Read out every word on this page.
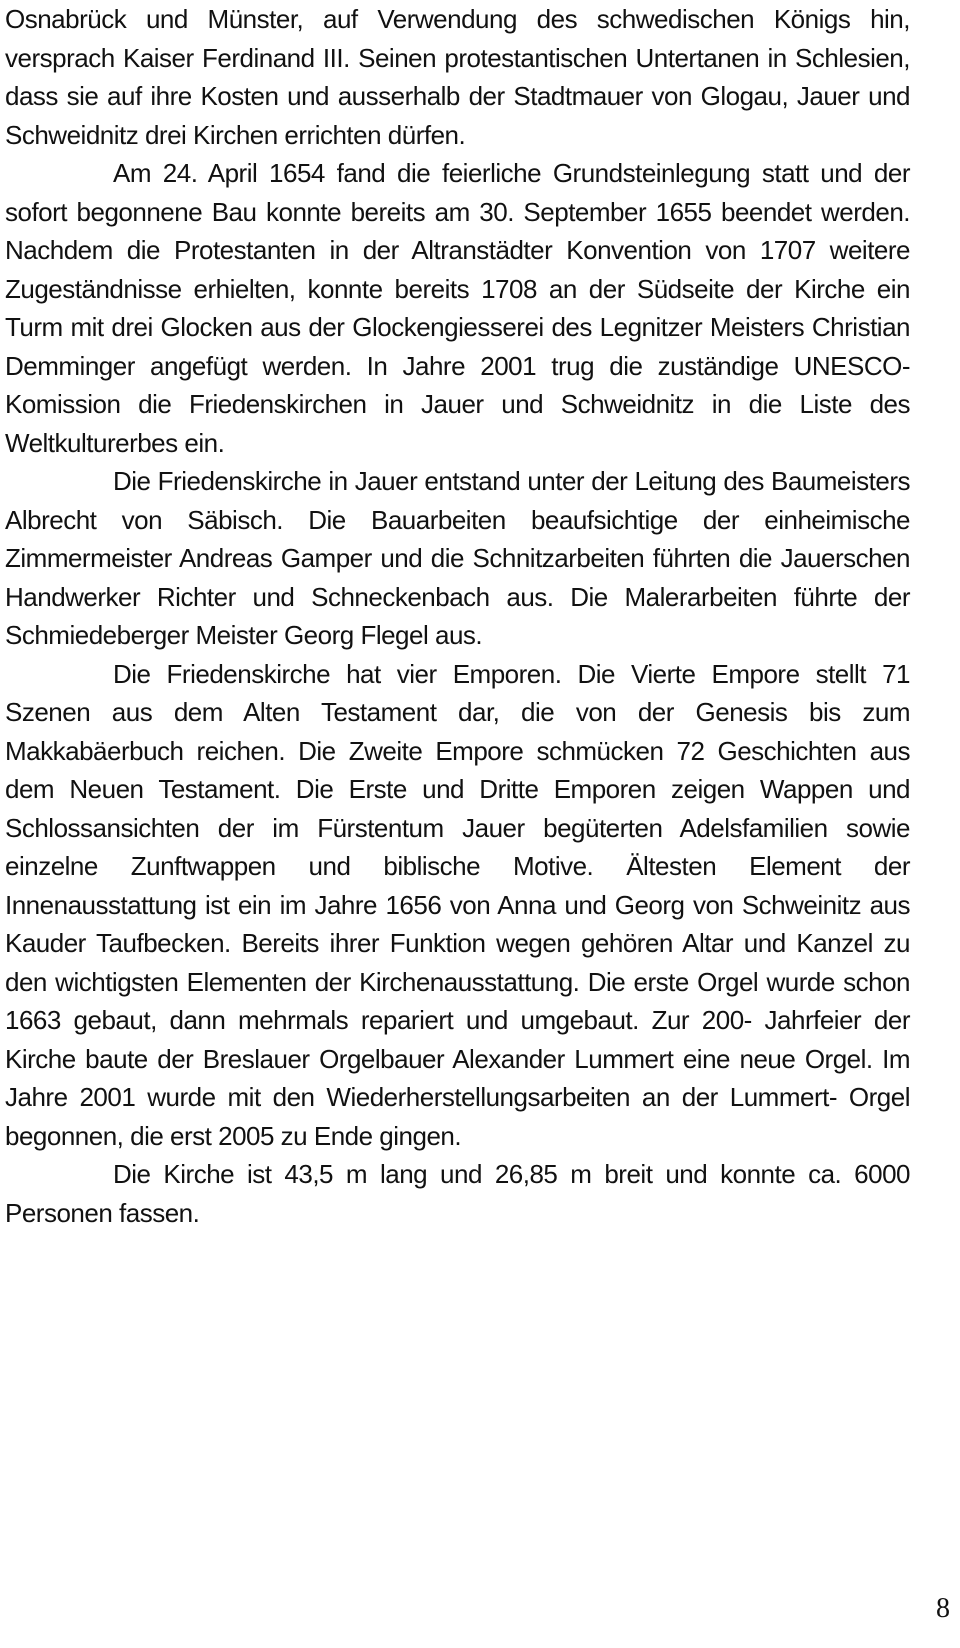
Osnabrück und Münster, auf Verwendung des schwedischen Königs hin, versprach Kaiser Ferdinand III. Seinen protestantischen Untertanen in Schlesien, dass sie auf ihre Kosten und ausserhalb der Stadtmauer von Glogau, Jauer und Schweidnitz drei Kirchen errichten dürfen.

Am 24. April 1654 fand die feierliche Grundsteinlegung statt und der sofort begonnene Bau konnte bereits am 30. September 1655 beendet werden. Nachdem die Protestanten in der Altranstädter Konvention von 1707 weitere Zugeständnisse erhielten, konnte bereits 1708 an der Südseite der Kirche ein Turm mit drei Glocken aus der Glockengiesserei des Legnitzer Meisters Christian Demminger angefügt werden. In Jahre 2001 trug die zuständige UNESCO- Komission die Friedenskirchen in Jauer und Schweidnitz in die Liste des Weltkulturerbes ein.

Die Friedenskirche in Jauer entstand unter der Leitung des Baumeisters Albrecht von Säbisch. Die Bauarbeiten beaufsichtige der einheimische Zimmermeister Andreas Gamper und die Schnitzarbeiten führten die Jauerschen Handwerker Richter und Schneckenbach aus. Die Malerarbeiten führte der Schmiedeberger Meister Georg Flegel aus.

Die Friedenskirche hat vier Emporen. Die Vierte Empore stellt 71 Szenen aus dem Alten Testament dar, die von der Genesis bis zum Makkabäerbuch reichen. Die Zweite Empore schmücken 72 Geschichten aus dem Neuen Testament. Die Erste und Dritte Emporen zeigen Wappen und Schlossansichten der im Fürstentum Jauer begüterten Adelsfamilien sowie einzelne Zunftwappen und biblische Motive. Ältesten Element der Innenausstattung ist ein im Jahre 1656 von Anna und Georg von Schweinitz aus Kauder Taufbecken. Bereits ihrer Funktion wegen gehören Altar und Kanzel zu den wichtigsten Elementen der Kirchenausstattung. Die erste Orgel wurde schon 1663 gebaut, dann mehrmals repariert und umgebaut. Zur 200- Jahrfeier der Kirche baute der Breslauer Orgelbauer Alexander Lummert eine neue Orgel. Im Jahre 2001 wurde mit den Wiederherstellungsarbeiten an der Lummert- Orgel begonnen, die erst 2005 zu Ende gingen.

Die Kirche ist 43,5 m lang und 26,85 m breit und konnte ca. 6000 Personen fassen.

8
